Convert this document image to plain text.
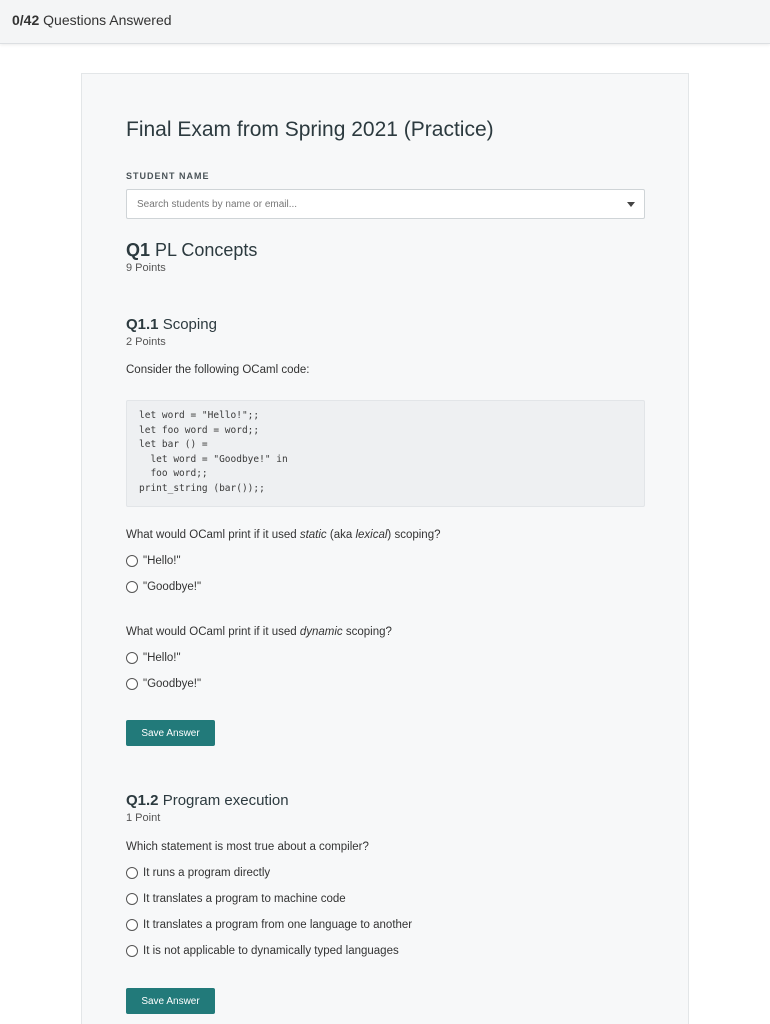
0/42 Questions Answered
Final Exam from Spring 2021 (Practice)
STUDENT NAME
Search students by name or email...
Q1 PL Concepts
9 Points
Q1.1 Scoping
2 Points
Consider the following OCaml code:
let word = "Hello!";;
let foo word = word;;
let bar () =
let word = "Goodbye!" in
foo word;;
print_string (bar());;
What would OCaml print if it used static (aka lexical) scoping?
"Hello!"
"Goodbye!"
What would OCaml print if it used dynamic scoping?
"Hello!"
"Goodbye!"
Save Answer
Q1.2 Program execution
1 Point
Which statement is most true about a compiler?
It runs a program directly
It translates a program to machine code
It translates a program from one language to another
It is not applicable to dynamically typed languages
Save Answer
